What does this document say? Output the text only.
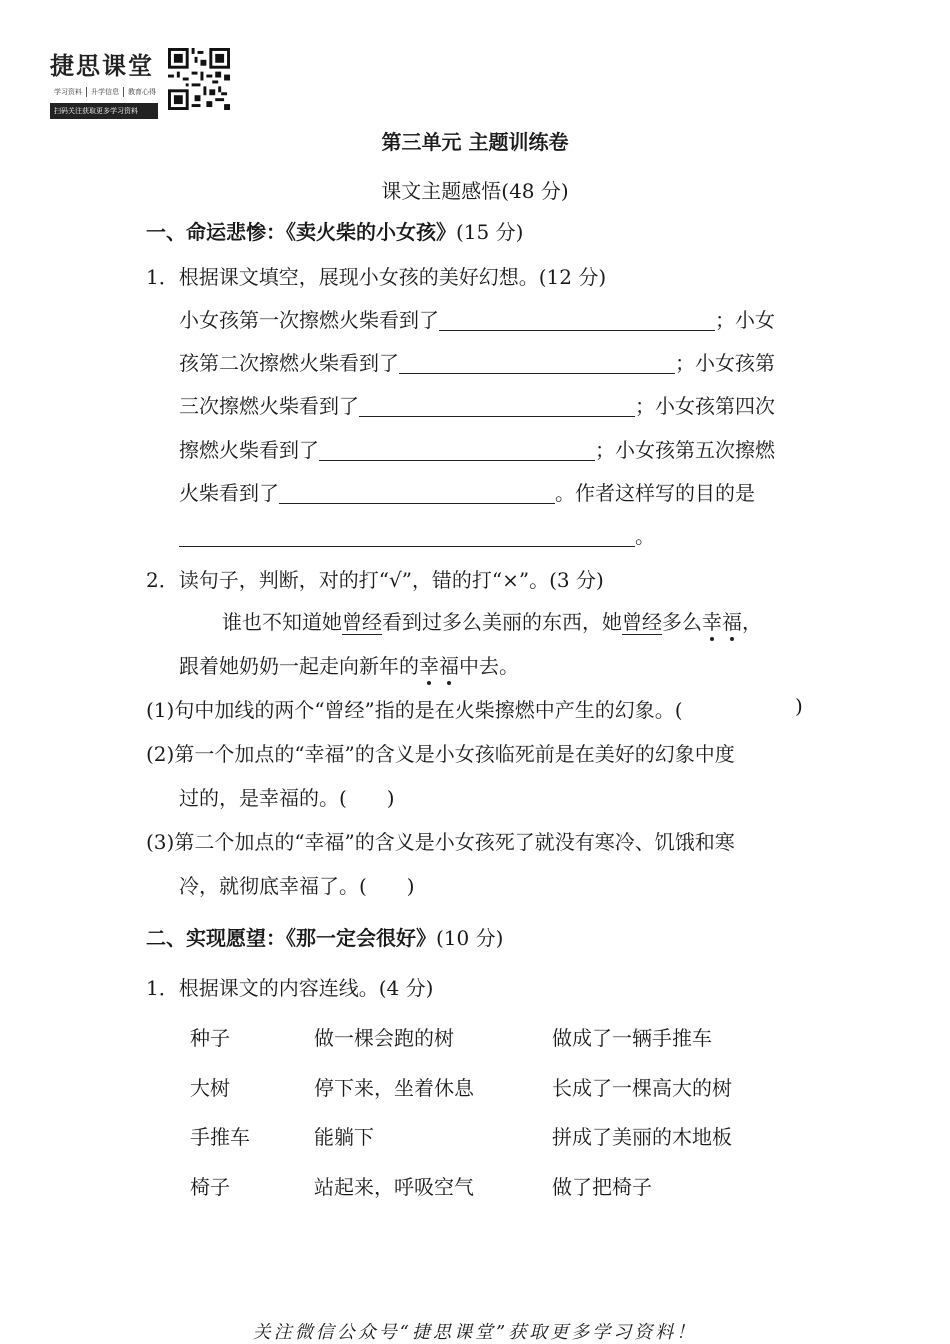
捷思课堂
学习资料	升学信息	教育心得
扫码关注获取更多学习资料
第三单元 主题训练卷
课文主题感悟(48 分)
一、命运悲惨：《卖火柴的小女孩》(15 分)
1．根据课文填空，展现小女孩的美好幻想。(12 分)
小女孩第一次擦燃火柴看到了	；小女
孩第二次擦燃火柴看到了	；小女孩第
三次擦燃火柴看到了	；小女孩第四次
擦燃火柴看到了	；小女孩第五次擦燃
火柴看到了	。作者这样写的目的是
。
2．读句子，判断，对的打“√”，错的打“×”。(3 分)
谁也不知道她曾经看到过多么美丽的东西，她曾经多么幸福，
跟着她奶奶一起走向新年的幸福中去。
(1)句中加线的两个“曾经”指的是在火柴擦燃中产生的幻象。(	)
(2)第一个加点的“幸福”的含义是小女孩临死前是在美好的幻象中度
过的，是幸福的。(　　)
(3)第二个加点的“幸福”的含义是小女孩死了就没有寒冷、饥饿和寒
冷，就彻底幸福了。(　　)
二、实现愿望：《那一定会很好》(10 分)
1．根据课文的内容连线。(4 分)
种子	做一棵会跑的树	做成了一辆手推车
大树	停下来，坐着休息	长成了一棵高大的树
手推车	能躺下	拼成了美丽的木地板
椅子	站起来，呼吸空气	做了把椅子
关注微信公众号“捷思课堂”获取更多学习资料！
